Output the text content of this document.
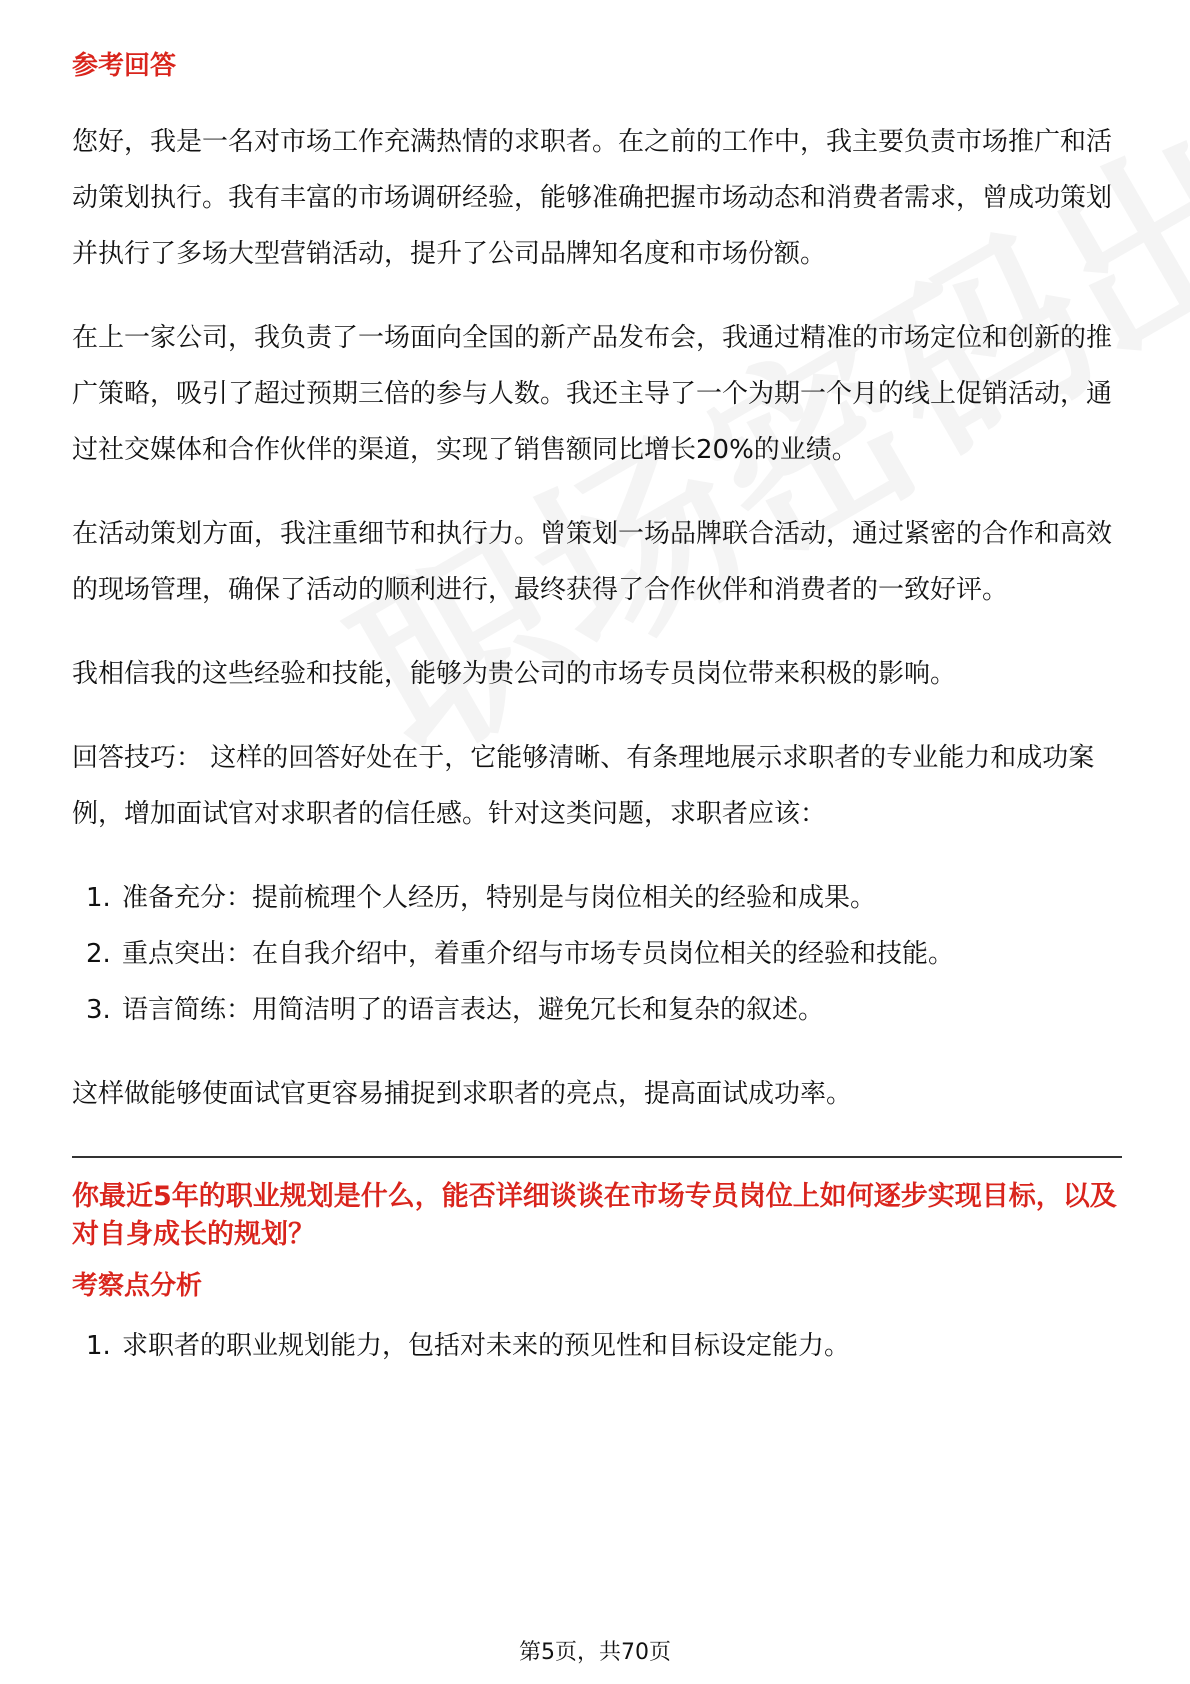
参考回答

您好，我是一名对市场工作充满热情的求职者。在之前的工作中，我主要负责市场推广和活动策划执行。我有丰富的市场调研经验，能够准确把握市场动态和消费者需求，曾成功策划并执行了多场大型营销活动，提升了公司品牌知名度和市场份额。

在上一家公司，我负责了一场面向全国的新产品发布会，我通过精准的市场定位和创新的推广策略，吸引了超过预期三倍的参与人数。我还主导了一个为期一个月的线上促销活动，通过社交媒体和合作伙伴的渠道，实现了销售额同比增长20%的业绩。

在活动策划方面，我注重细节和执行力。曾策划一场品牌联合活动，通过紧密的合作和高效的现场管理，确保了活动的顺利进行，最终获得了合作伙伴和消费者的一致好评。

我相信我的这些经验和技能，能够为贵公司的市场专员岗位带来积极的影响。

回答技巧： 这样的回答好处在于，它能够清晰、有条理地展示求职者的专业能力和成功案例，增加面试官对求职者的信任感。针对这类问题，求职者应该：

1. 准备充分：提前梳理个人经历，特别是与岗位相关的经验和成果。
2. 重点突出：在自我介绍中，着重介绍与市场专员岗位相关的经验和技能。
3. 语言简练：用简洁明了的语言表达，避免冗长和复杂的叙述。

这样做能够使面试官更容易捕捉到求职者的亮点，提高面试成功率。

你最近5年的职业规划是什么，能否详细谈谈在市场专员岗位上如何逐步实现目标，以及对自身成长的规划？
考察点分析
1. 求职者的职业规划能力，包括对未来的预见性和目标设定能力。
第5页，共70页
